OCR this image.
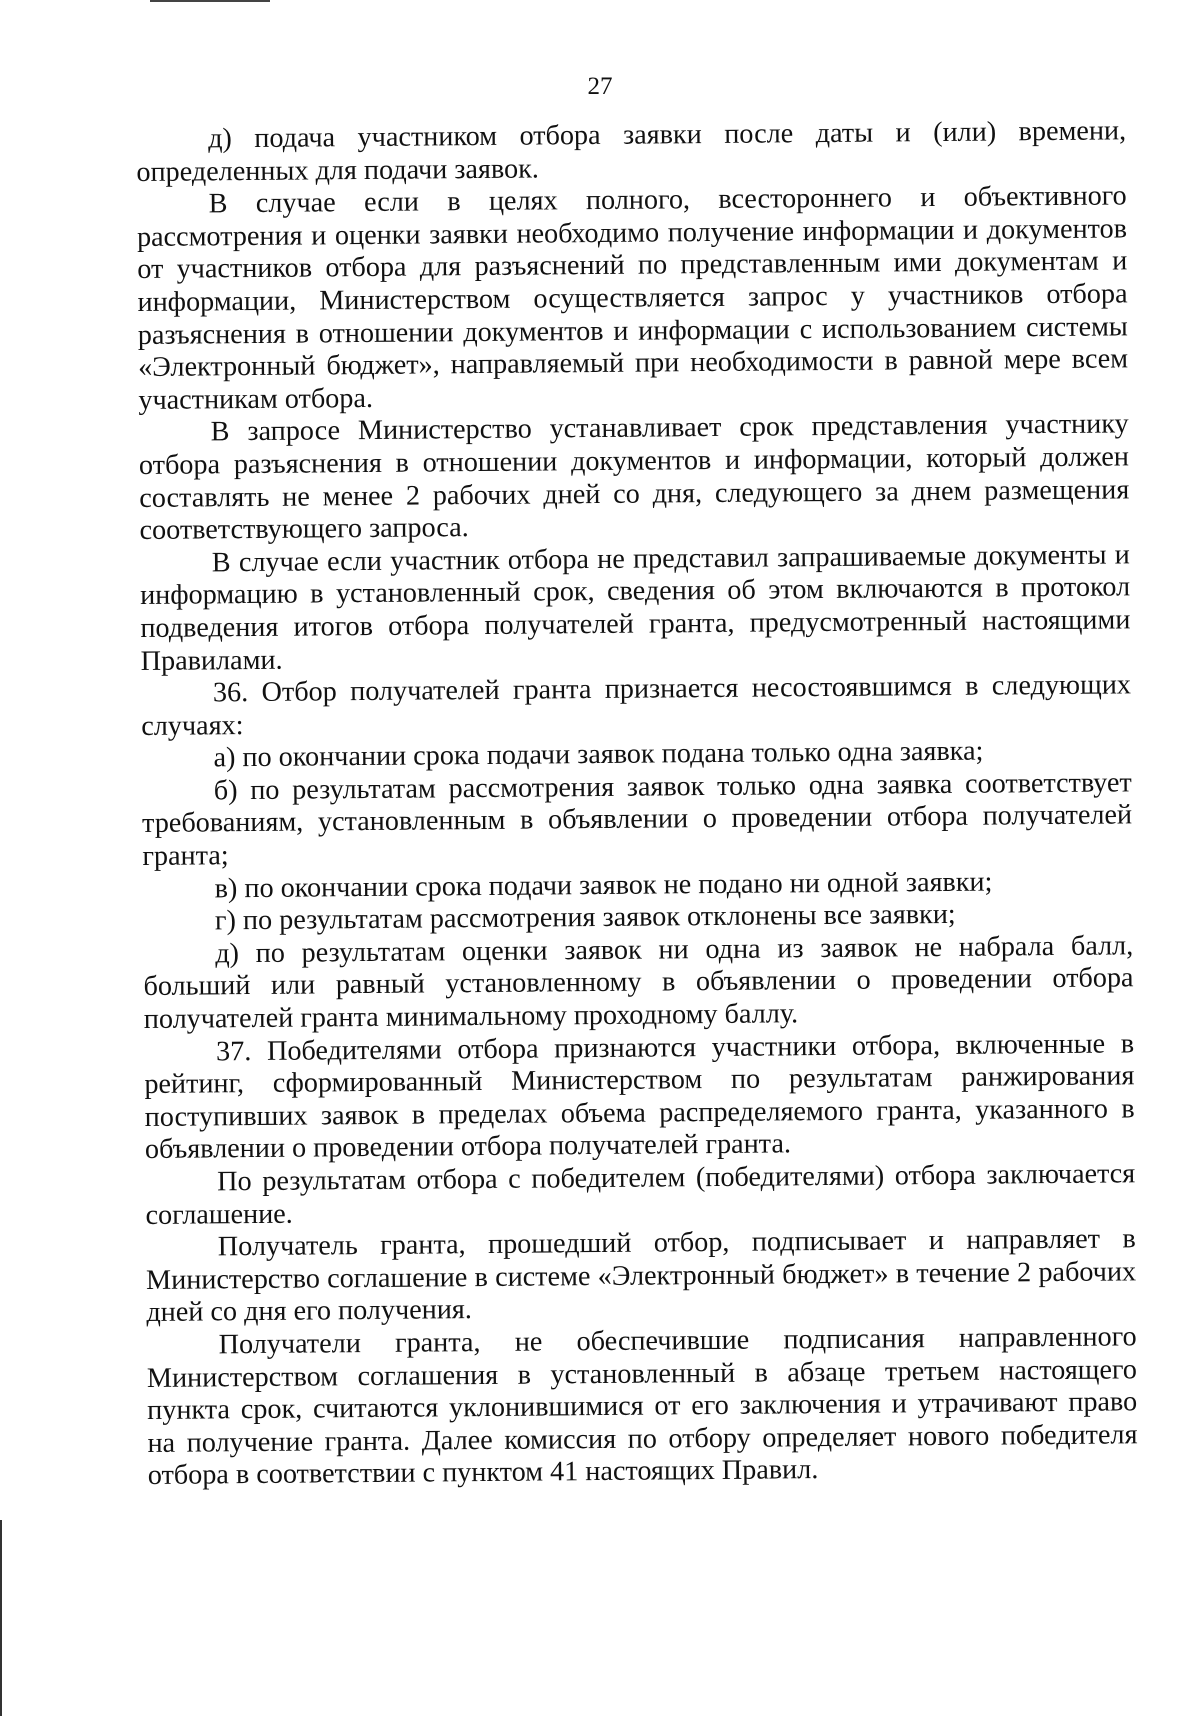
27

д) подача участником отбора заявки после даты и (или) времени, определенных для подачи заявок.

В случае если в целях полного, всестороннего и объективного рассмотрения и оценки заявки необходимо получение информации и документов от участников отбора для разъяснений по представленным ими документам и информации, Министерством осуществляется запрос у участников отбора разъяснения в отношении документов и информации с использованием системы «Электронный бюджет», направляемый при необходимости в равной мере всем участникам отбора.

В запросе Министерство устанавливает срок представления участнику отбора разъяснения в отношении документов и информации, который должен составлять не менее 2 рабочих дней со дня, следующего за днем размещения соответствующего запроса.

В случае если участник отбора не представил запрашиваемые документы и информацию в установленный срок, сведения об этом включаются в протокол подведения итогов отбора получателей гранта, предусмотренный настоящими Правилами.

36. Отбор получателей гранта признается несостоявшимся в следующих случаях:

а) по окончании срока подачи заявок подана только одна заявка;

б) по результатам рассмотрения заявок только одна заявка соответствует требованиям, установленным в объявлении о проведении отбора получателей гранта;

в) по окончании срока подачи заявок не подано ни одной заявки;

г) по результатам рассмотрения заявок отклонены все заявки;

д) по результатам оценки заявок ни одна из заявок не набрала балл, больший или равный установленному в объявлении о проведении отбора получателей гранта минимальному проходному баллу.

37. Победителями отбора признаются участники отбора, включенные в рейтинг, сформированный Министерством по результатам ранжирования поступивших заявок в пределах объема распределяемого гранта, указанного в объявлении о проведении отбора получателей гранта.

По результатам отбора с победителем (победителями) отбора заключается соглашение.

Получатель гранта, прошедший отбор, подписывает и направляет в Министерство соглашение в системе «Электронный бюджет» в течение 2 рабочих дней со дня его получения.

Получатели гранта, не обеспечившие подписания направленного Министерством соглашения в установленный в абзаце третьем настоящего пункта срок, считаются уклонившимися от его заключения и утрачивают право на получение гранта. Далее комиссия по отбору определяет нового победителя отбора в соответствии с пунктом 41 настоящих Правил.
